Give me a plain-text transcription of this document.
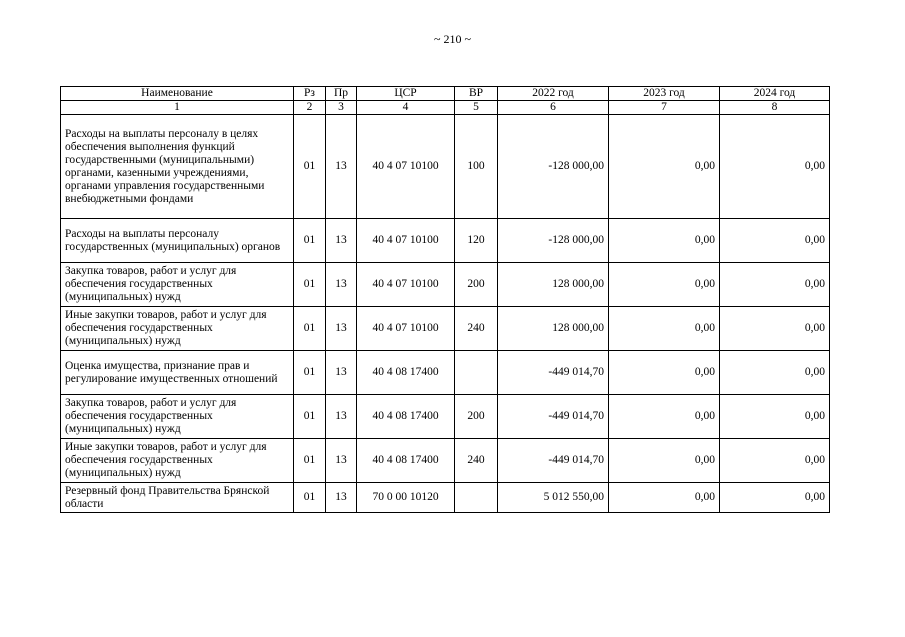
~ 210 ~
Наименование	Рз	Пр	ЦСР	ВР	2022 год	2023 год	2024 год
1	2	3	4	5	6	7	8
Расходы на выплаты персоналу в целях обеспечения выполнения функций государственными (муниципальными) органами, казенными учреждениями, органами управления государственными внебюджетными фондами	01	13	40 4 07 10100	100	-128 000,00	0,00	0,00
Расходы на выплаты персоналу государственных (муниципальных) органов	01	13	40 4 07 10100	120	-128 000,00	0,00	0,00
Закупка товаров, работ и услуг для обеспечения государственных (муниципальных) нужд	01	13	40 4 07 10100	200	128 000,00	0,00	0,00
Иные закупки товаров, работ и услуг для обеспечения государственных (муниципальных) нужд	01	13	40 4 07 10100	240	128 000,00	0,00	0,00
Оценка имущества, признание прав и регулирование имущественных отношений	01	13	40 4 08 17400		-449 014,70	0,00	0,00
Закупка товаров, работ и услуг для обеспечения государственных (муниципальных) нужд	01	13	40 4 08 17400	200	-449 014,70	0,00	0,00
Иные закупки товаров, работ и услуг для обеспечения государственных (муниципальных) нужд	01	13	40 4 08 17400	240	-449 014,70	0,00	0,00
Резервный фонд Правительства Брянской области	01	13	70 0 00 10120		5 012 550,00	0,00	0,00
